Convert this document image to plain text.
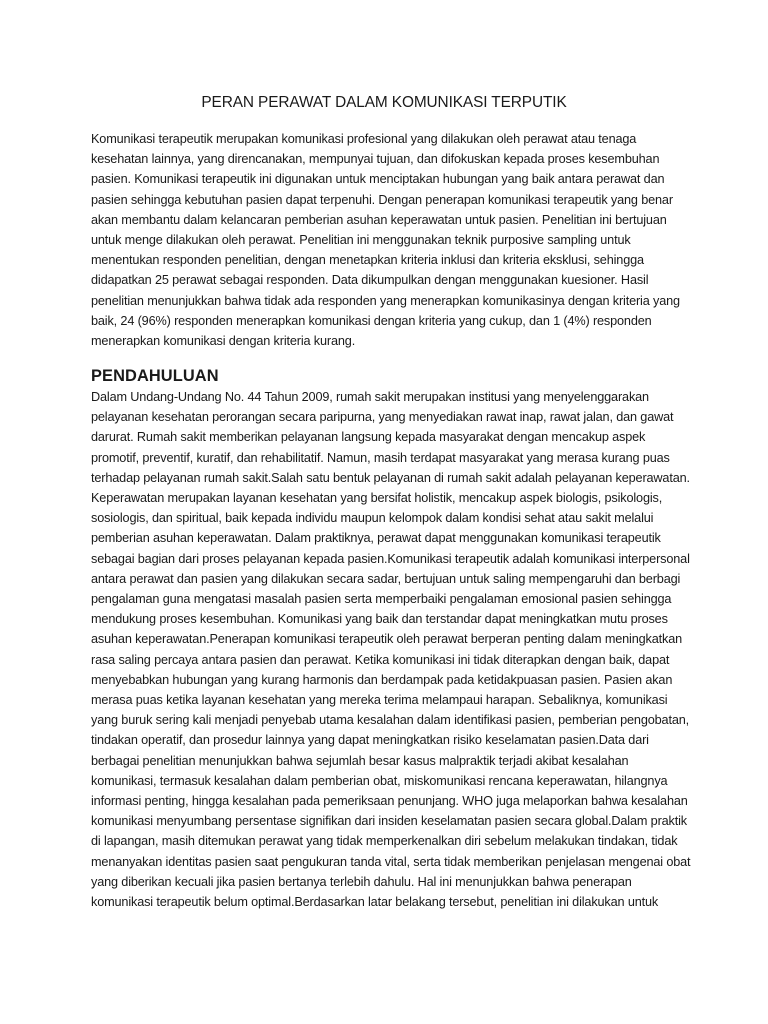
PERAN PERAWAT DALAM KOMUNIKASI TERPUTIK

Komunikasi terapeutik merupakan komunikasi profesional yang dilakukan oleh perawat atau tenaga kesehatan lainnya, yang direncanakan, mempunyai tujuan, dan difokuskan kepada proses kesembuhan pasien. Komunikasi terapeutik ini digunakan untuk menciptakan hubungan yang baik antara perawat dan pasien sehingga kebutuhan pasien dapat terpenuhi. Dengan penerapan komunikasi terapeutik yang benar akan membantu dalam kelancaran pemberian asuhan keperawatan untuk pasien. Penelitian ini bertujuan untuk menge dilakukan oleh perawat. Penelitian ini menggunakan teknik purposive sampling untuk menentukan responden penelitian, dengan menetapkan kriteria inklusi dan kriteria eksklusi, sehingga didapatkan 25 perawat sebagai responden. Data dikumpulkan dengan menggunakan kuesioner. Hasil penelitian menunjukkan bahwa tidak ada responden yang menerapkan komunikasinya dengan kriteria yang baik, 24 (96%) responden menerapkan komunikasi dengan kriteria yang cukup, dan 1 (4%) responden menerapkan komunikasi dengan kriteria kurang.

PENDAHULUAN

Dalam Undang-Undang No. 44 Tahun 2009, rumah sakit merupakan institusi yang menyelenggarakan pelayanan kesehatan perorangan secara paripurna, yang menyediakan rawat inap, rawat jalan, dan gawat darurat. Rumah sakit memberikan pelayanan langsung kepada masyarakat dengan mencakup aspek promotif, preventif, kuratif, dan rehabilitatif. Namun, masih terdapat masyarakat yang merasa kurang puas terhadap pelayanan rumah sakit.Salah satu bentuk pelayanan di rumah sakit adalah pelayanan keperawatan. Keperawatan merupakan layanan kesehatan yang bersifat holistik, mencakup aspek biologis, psikologis, sosiologis, dan spiritual, baik kepada individu maupun kelompok dalam kondisi sehat atau sakit melalui pemberian asuhan keperawatan. Dalam praktiknya, perawat dapat menggunakan komunikasi terapeutik sebagai bagian dari proses pelayanan kepada pasien.Komunikasi terapeutik adalah komunikasi interpersonal antara perawat dan pasien yang dilakukan secara sadar, bertujuan untuk saling mempengaruhi dan berbagi pengalaman guna mengatasi masalah pasien serta memperbaiki pengalaman emosional pasien sehingga mendukung proses kesembuhan. Komunikasi yang baik dan terstandar dapat meningkatkan mutu proses asuhan keperawatan.Penerapan komunikasi terapeutik oleh perawat berperan penting dalam meningkatkan rasa saling percaya antara pasien dan perawat. Ketika komunikasi ini tidak diterapkan dengan baik, dapat menyebabkan hubungan yang kurang harmonis dan berdampak pada ketidakpuasan pasien. Pasien akan merasa puas ketika layanan kesehatan yang mereka terima melampaui harapan. Sebaliknya, komunikasi yang buruk sering kali menjadi penyebab utama kesalahan dalam identifikasi pasien, pemberian pengobatan, tindakan operatif, dan prosedur lainnya yang dapat meningkatkan risiko keselamatan pasien.Data dari berbagai penelitian menunjukkan bahwa sejumlah besar kasus malpraktik terjadi akibat kesalahan komunikasi, termasuk kesalahan dalam pemberian obat, miskomunikasi rencana keperawatan, hilangnya informasi penting, hingga kesalahan pada pemeriksaan penunjang. WHO juga melaporkan bahwa kesalahan komunikasi menyumbang persentase signifikan dari insiden keselamatan pasien secara global.Dalam praktik di lapangan, masih ditemukan perawat yang tidak memperkenalkan diri sebelum melakukan tindakan, tidak menanyakan identitas pasien saat pengukuran tanda vital, serta tidak memberikan penjelasan mengenai obat yang diberikan kecuali jika pasien bertanya terlebih dahulu. Hal ini menunjukkan bahwa penerapan komunikasi terapeutik belum optimal.Berdasarkan latar belakang tersebut, penelitian ini dilakukan untuk
